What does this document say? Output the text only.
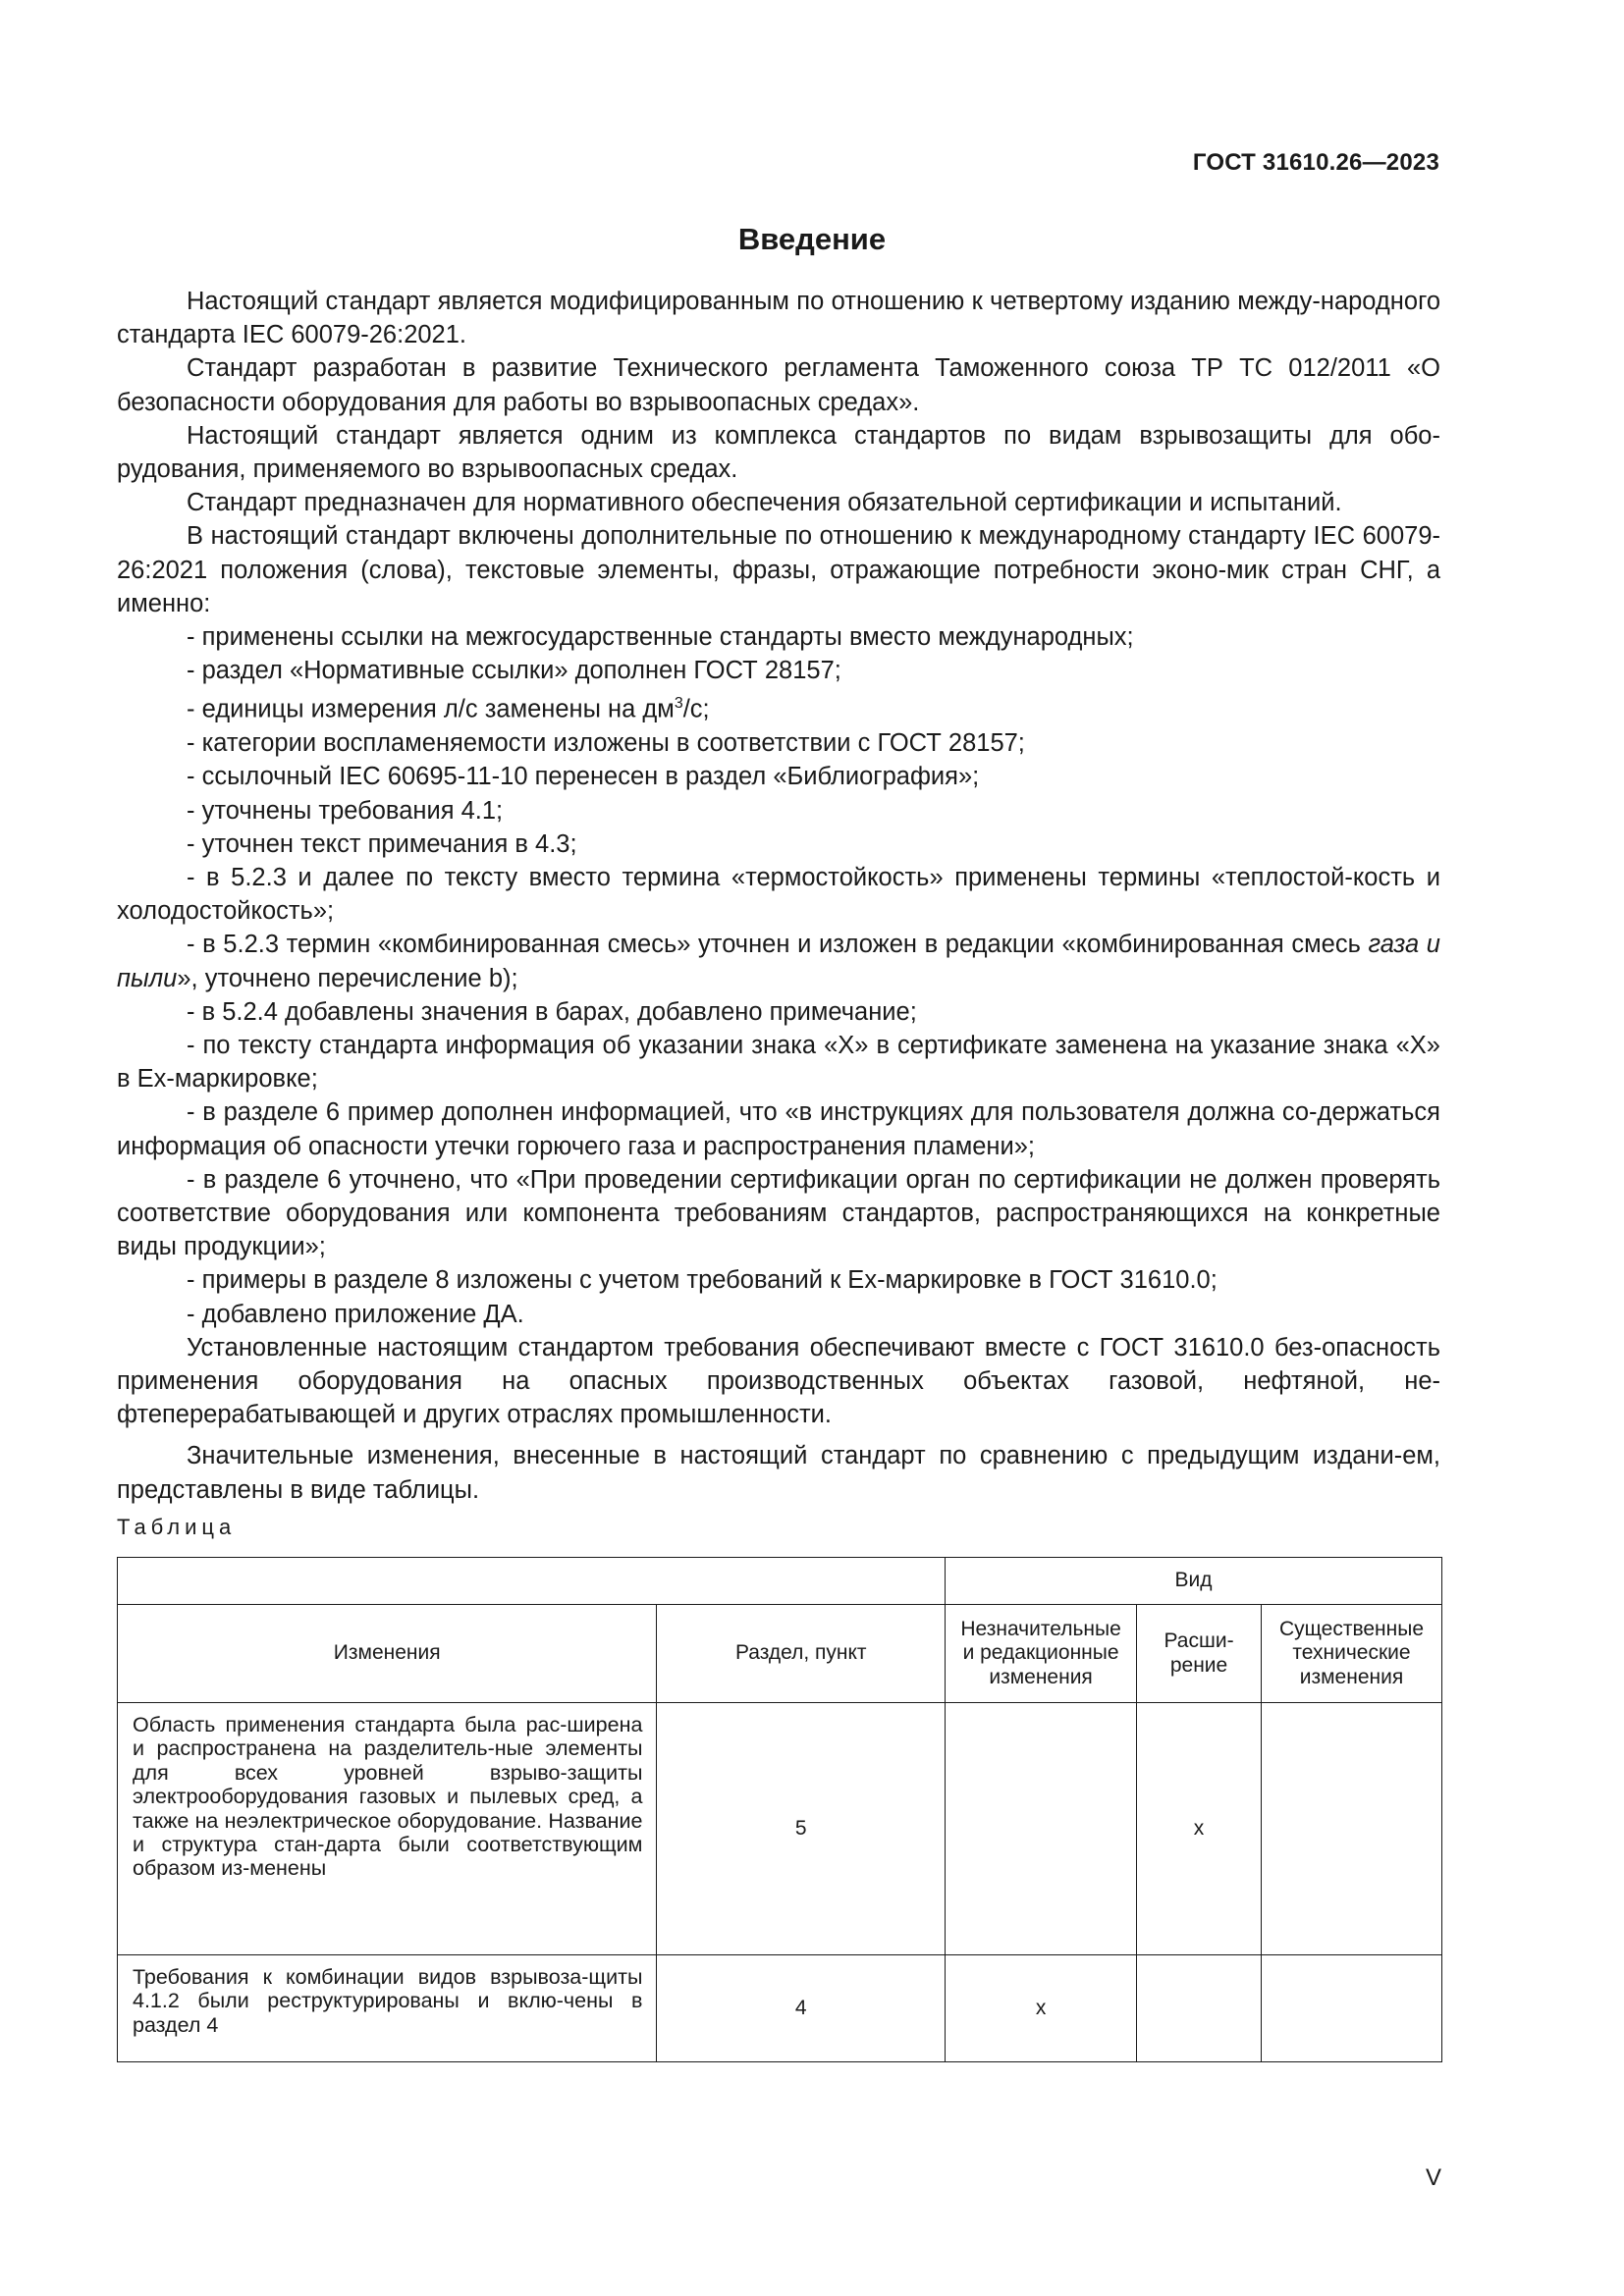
ГОСТ 31610.26—2023
Введение

Настоящий стандарт является модифицированным по отношению к четвертому изданию между-народного стандарта IEC 60079-26:2021.

Стандарт разработан в развитие Технического регламента Таможенного союза ТР ТС 012/2011 «О безопасности оборудования для работы во взрывоопасных средах».

Настоящий стандарт является одним из комплекса стандартов по видам взрывозащиты для обо-рудования, применяемого во взрывоопасных средах.

Стандарт предназначен для нормативного обеспечения обязательной сертификации и испытаний.

В настоящий стандарт включены дополнительные по отношению к международному стандарту IEC 60079-26:2021 положения (слова), текстовые элементы, фразы, отражающие потребности эконо-мик стран СНГ, а именно:

- применены ссылки на межгосударственные стандарты вместо международных;

- раздел «Нормативные ссылки» дополнен ГОСТ 28157;

- единицы измерения л/с заменены на $дм^3/с$;

- категории воспламеняемости изложены в соответствии с ГОСТ 28157;

- ссылочный IEC 60695-11-10 перенесен в раздел «Библиография»;

- уточнены требования 4.1;

- уточнен текст примечания в 4.3;

- в 5.2.3 и далее по тексту вместо термина «термостойкость» применены термины «теплостой-кость и холодостойкость»;

- в 5.2.3 термин «комбинированная смесь» уточнен и изложен в редакции «комбинированная смесь газа и пыли», уточнено перечисление b);

- в 5.2.4 добавлены значения в барах, добавлено примечание;

- по тексту стандарта информация об указании знака «X» в сертификате заменена на указание знака «X» в Ex-маркировке;

- в разделе 6 пример дополнен информацией, что «в инструкциях для пользователя должна со-держаться информация об опасности утечки горючего газа и распространения пламени»;

- в разделе 6 уточнено, что «При проведении сертификации орган по сертификации не должен проверять соответствие оборудования или компонента требованиям стандартов, распространяющихся на конкретные виды продукции»;

- примеры в разделе 8 изложены с учетом требований к Ex-маркировке в ГОСТ 31610.0;

- добавлено приложение ДА.

Установленные настоящим стандартом требования обеспечивают вместе с ГОСТ 31610.0 без-опасность применения оборудования на опасных производственных объектах газовой, нефтяной, не-фтеперерабатывающей и других отраслях промышленности.

Значительные изменения, внесенные в настоящий стандарт по сравнению с предыдущим издани-ем, представлены в виде таблицы.

Таблица
		Вид		
Изменения	Раздел, пункт	Незначительные и редакционные изменения	Расши-рение	Существенные технические изменения
Область применения стандарта была рас-ширена и распространена на разделитель-ные элементы для всех уровней взрыво-защиты электрооборудования газовых и пылевых сред, а также на неэлектрическое оборудование. Название и структура стан-дарта были соответствующим образом из-менены	5		x	
Требования к комбинации видов взрывоза-щиты 4.1.2 были реструктурированы и вклю-чены в раздел 4	4	x		
V
